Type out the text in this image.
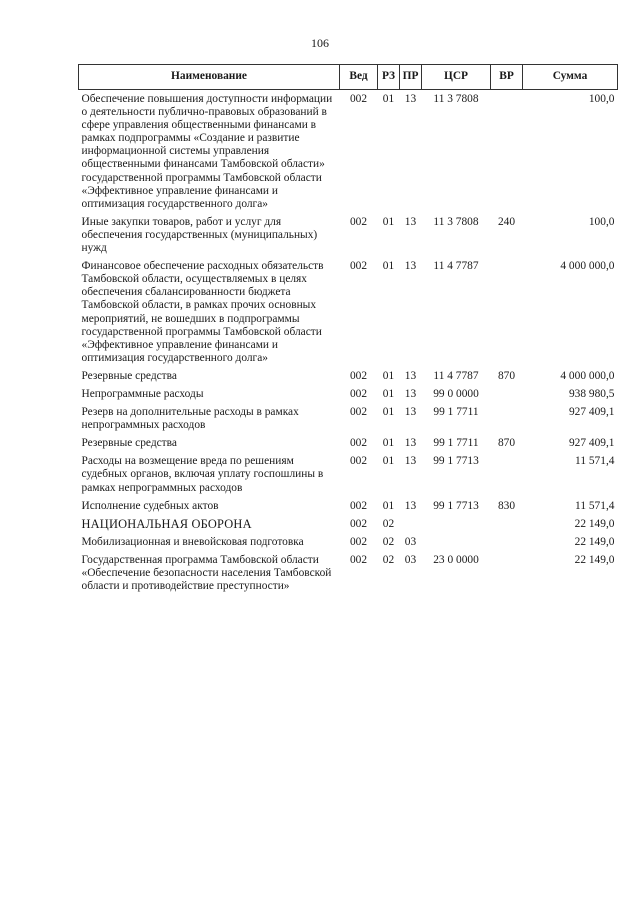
106
Наименование	Вед	РЗ	ПР	ЦСР	ВР	Сумма
Обеспечение повышения доступности информации о деятельности публично-правовых образований в сфере управления общественными финансами в рамках подпрограммы «Создание и развитие информационной системы управления общественными финансами Тамбовской области» государственной программы Тамбовской области «Эффективное управление финансами и оптимизация государственного долга»	002	01	13	11 3 7808		100,0
Иные закупки товаров, работ и услуг для обеспечения государственных (муниципальных) нужд	002	01	13	11 3 7808	240	100,0
Финансовое обеспечение расходных обязательств Тамбовской области, осуществляемых в целях обеспечения сбалансированности бюджета Тамбовской области, в рамках прочих основных мероприятий, не вошедших в подпрограммы государственной программы Тамбовской области «Эффективное управление финансами и оптимизация государственного долга»	002	01	13	11 4 7787		4 000 000,0
Резервные средства	002	01	13	11 4 7787	870	4 000 000,0
Непрограммные расходы	002	01	13	99 0 0000		938 980,5
Резерв на дополнительные расходы в рамках непрограммных расходов	002	01	13	99 1 7711		927 409,1
Резервные средства	002	01	13	99 1 7711	870	927 409,1
Расходы на возмещение вреда по решениям судебных органов, включая уплату госпошлины в рамках непрограммных расходов	002	01	13	99 1 7713		11 571,4
Исполнение судебных актов	002	01	13	99 1 7713	830	11 571,4
НАЦИОНАЛЬНАЯ ОБОРОНА	002	02				22 149,0
Мобилизационная и вневойсковая подготовка	002	02	03			22 149,0
Государственная программа Тамбовской области «Обеспечение безопасности населения Тамбовской области и противодействие преступности»	002	02	03	23 0 0000		22 149,0
